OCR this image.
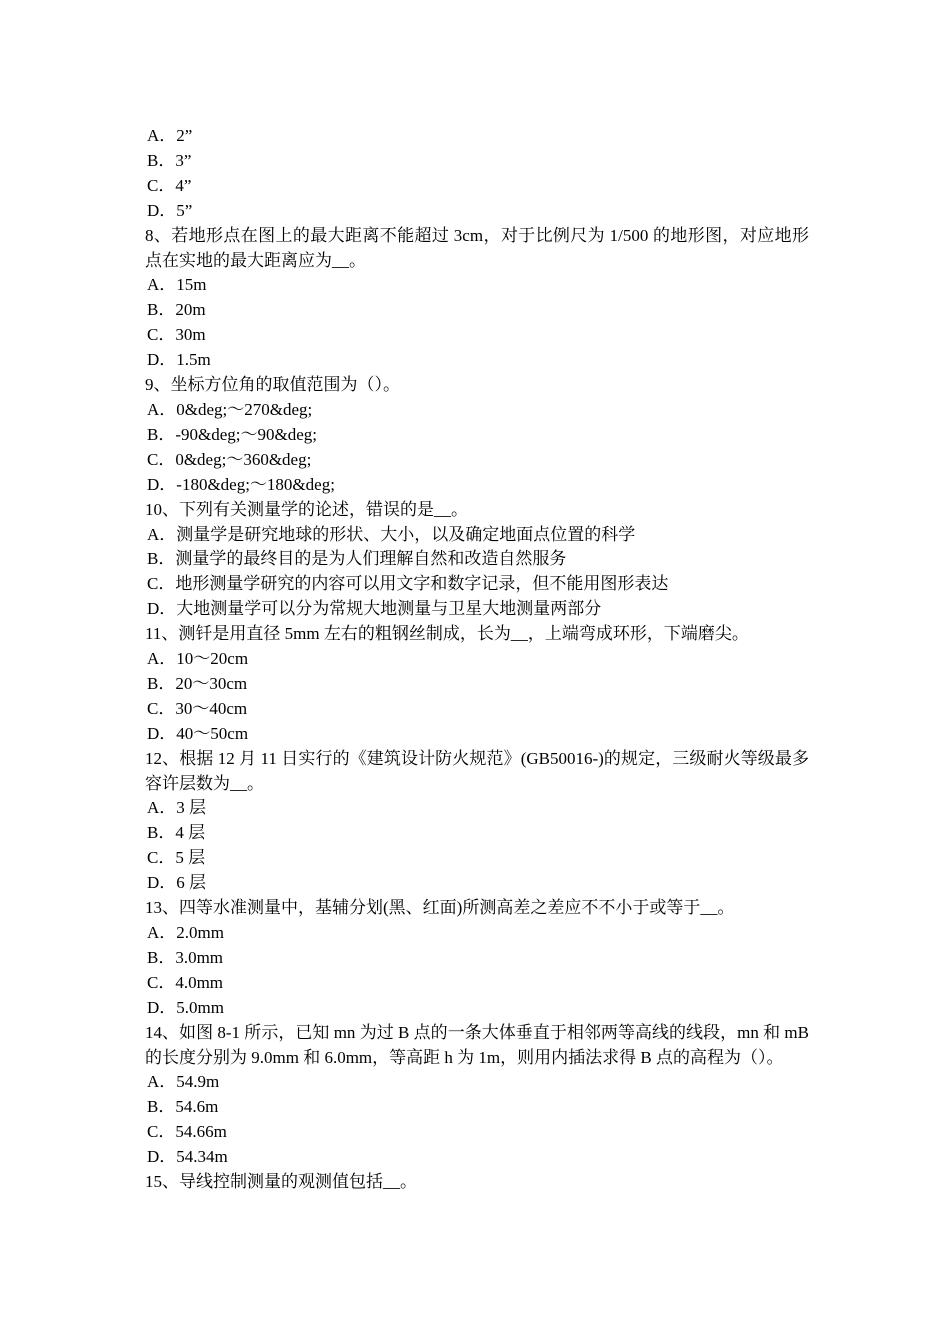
A．2”
B．3”
C．4”
D．5”
8、若地形点在图上的最大距离不能超过 3cm，对于比例尺为 1/500 的地形图，对应地形点在实地的最大距离应为__。
A．15m
B．20m
C．30m
D．1.5m
9、坐标方位角的取值范围为（）。
A．0&deg;～270&deg;
B．-90&deg;～90&deg;
C．0&deg;～360&deg;
D．-180&deg;～180&deg;
10、下列有关测量学的论述，错误的是__。
A．测量学是研究地球的形状、大小，以及确定地面点位置的科学
B．测量学的最终目的是为人们理解自然和改造自然服务
C．地形测量学研究的内容可以用文字和数字记录，但不能用图形表达
D．大地测量学可以分为常规大地测量与卫星大地测量两部分
11、测钎是用直径 5mm 左右的粗钢丝制成，长为__，上端弯成环形，下端磨尖。
A．10～20cm
B．20～30cm
C．30～40cm
D．40～50cm
12、根据 12 月 11 日实行的《建筑设计防火规范》(GB50016-)的规定，三级耐火等级最多容许层数为__。
A．3 层
B．4 层
C．5 层
D．6 层
13、四等水准测量中，基辅分划(黑、红面)所测高差之差应不不小于或等于__。
A．2.0mm
B．3.0mm
C．4.0mm
D．5.0mm
14、如图 8-1 所示，已知 mn 为过 B 点的一条大体垂直于相邻两等高线的线段，mn 和 mB 的长度分别为 9.0mm 和 6.0mm，等高距 h 为 1m，则用内插法求得 B 点的高程为（）。
A．54.9m
B．54.6m
C．54.66m
D．54.34m
15、导线控制测量的观测值包括__。
